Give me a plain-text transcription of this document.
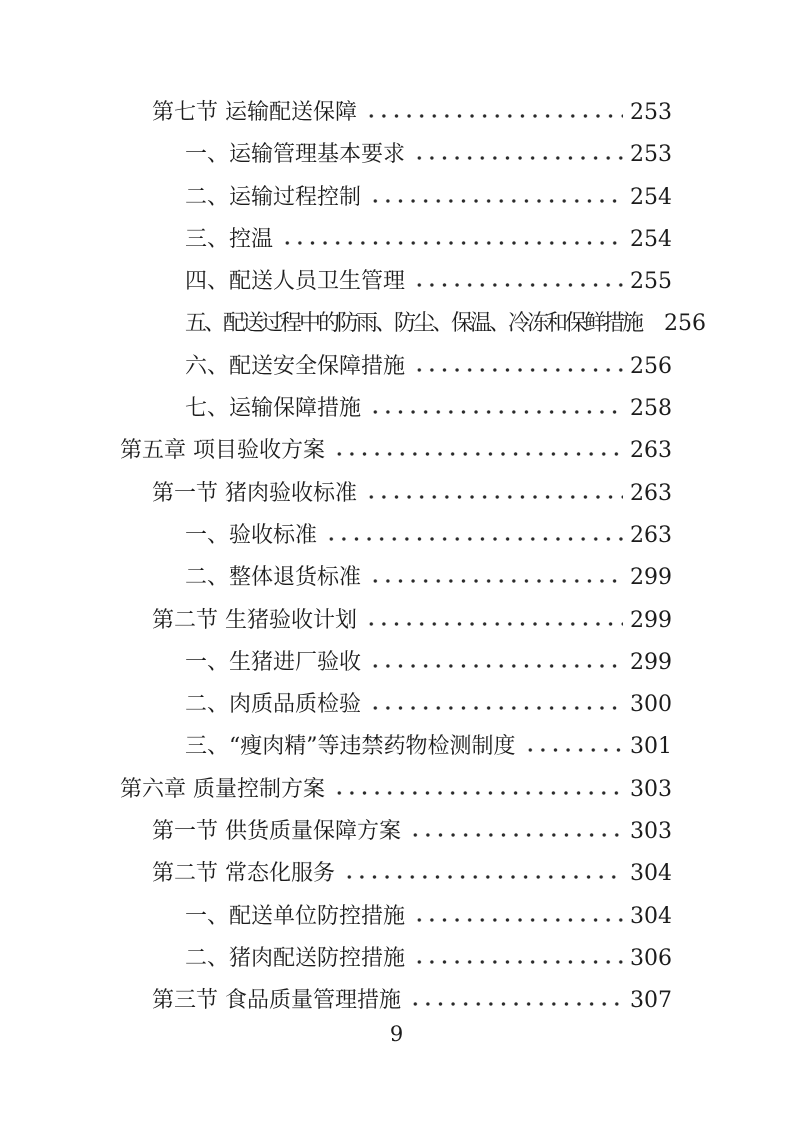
第七节 运输配送保障	253
一、运输管理基本要求	253
二、运输过程控制	254
三、控温	254
四、配送人员卫生管理	255
五、配送过程中的防雨、防尘、保温、冷冻和保鲜措施 256
六、配送安全保障措施	256
七、运输保障措施	258
第五章 项目验收方案	263
第一节 猪肉验收标准	263
一、验收标准	263
二、整体退货标准	299
第二节 生猪验收计划	299
一、生猪进厂验收	299
二、肉质品质检验	300
三、“瘦肉精”等违禁药物检测制度	301
第六章 质量控制方案	303
第一节 供货质量保障方案	303
第二节 常态化服务	304
一、配送单位防控措施	304
二、猪肉配送防控措施	306
第三节 食品质量管理措施	307
9
